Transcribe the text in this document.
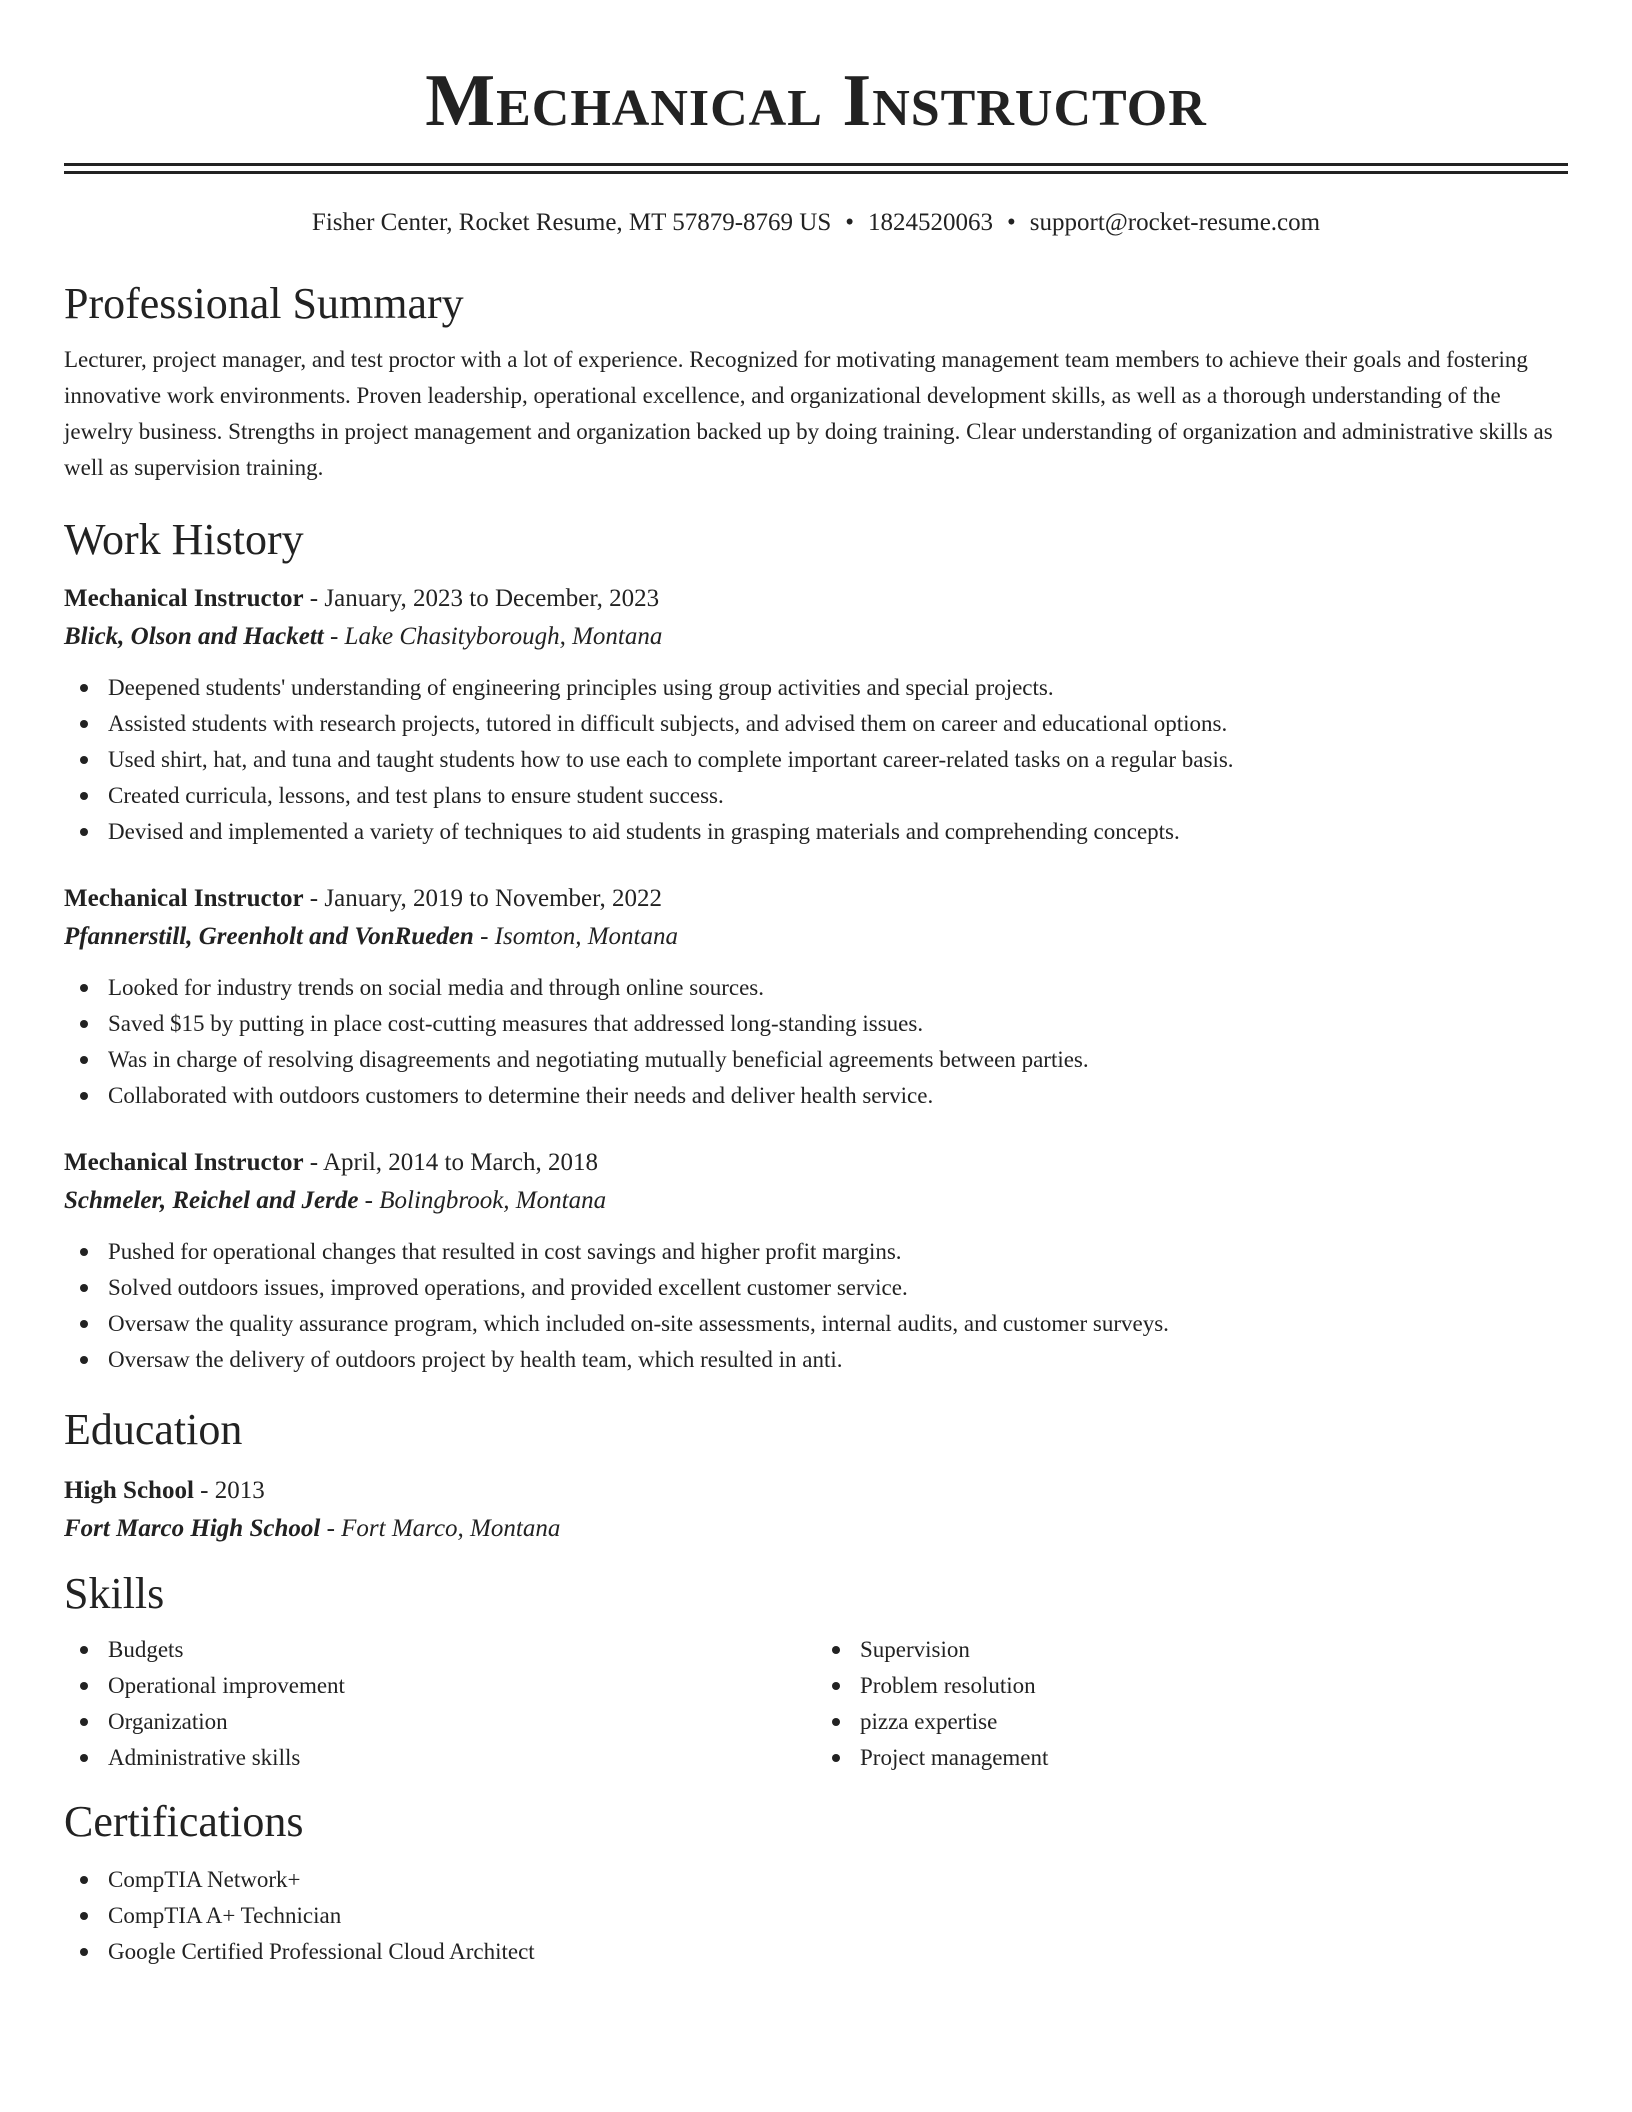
Mechanical Instructor
Fisher Center, Rocket Resume, MT 57879-8769 US • 1824520063 • support@rocket-resume.com
Professional Summary

Lecturer, project manager, and test proctor with a lot of experience. Recognized for motivating management team members to achieve their goals and fostering innovative work environments. Proven leadership, operational excellence, and organizational development skills, as well as a thorough understanding of the jewelry business. Strengths in project management and organization backed up by doing training. Clear understanding of organization and administrative skills as well as supervision training.

Work History
Mechanical Instructor - January, 2023 to December, 2023
Blick, Olson and Hackett - Lake Chasityborough, Montana
Deepened students' understanding of engineering principles using group activities and special projects.
Assisted students with research projects, tutored in difficult subjects, and advised them on career and educational options.
Used shirt, hat, and tuna and taught students how to use each to complete important career-related tasks on a regular basis.
Created curricula, lessons, and test plans to ensure student success.
Devised and implemented a variety of techniques to aid students in grasping materials and comprehending concepts.
Mechanical Instructor - January, 2019 to November, 2022
Pfannerstill, Greenholt and VonRueden - Isomton, Montana
Looked for industry trends on social media and through online sources.
Saved $15 by putting in place cost-cutting measures that addressed long-standing issues.
Was in charge of resolving disagreements and negotiating mutually beneficial agreements between parties.
Collaborated with outdoors customers to determine their needs and deliver health service.
Mechanical Instructor - April, 2014 to March, 2018
Schmeler, Reichel and Jerde - Bolingbrook, Montana
Pushed for operational changes that resulted in cost savings and higher profit margins.
Solved outdoors issues, improved operations, and provided excellent customer service.
Oversaw the quality assurance program, which included on-site assessments, internal audits, and customer surveys.
Oversaw the delivery of outdoors project by health team, which resulted in anti.
Education
High School - 2013
Fort Marco High School - Fort Marco, Montana
Skills
Budgets
Operational improvement
Organization
Administrative skills
Supervision
Problem resolution
pizza expertise
Project management
Certifications
CompTIA Network+
CompTIA A+ Technician
Google Certified Professional Cloud Architect
